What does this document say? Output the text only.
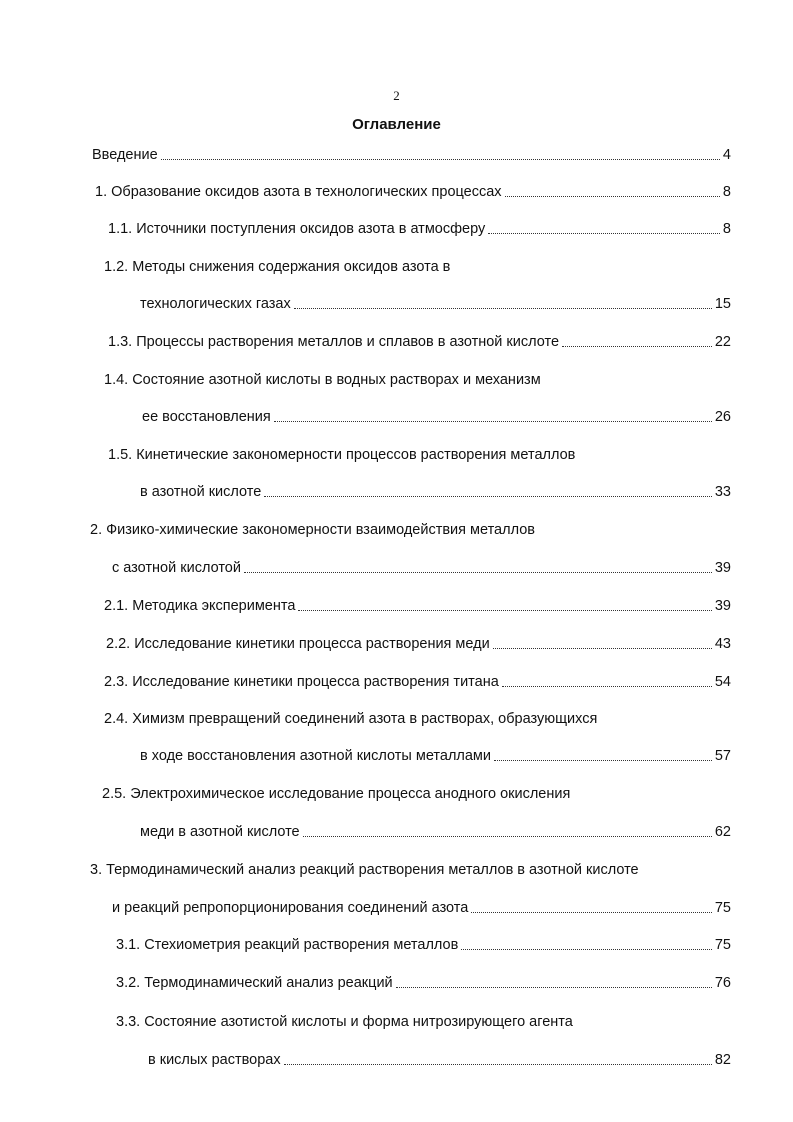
2
Оглавление
Введение	4
1. Образование оксидов азота в технологических процессах	8
1.1. Источники поступления оксидов азота в атмосферу	8
1.2. Методы снижения содержания оксидов азота в
технологических газах	15
1.3. Процессы растворения металлов и сплавов в азотной кислоте	22
1.4. Состояние азотной кислоты в водных растворах и механизм
ее восстановления	26
1.5. Кинетические закономерности процессов растворения металлов
в азотной кислоте	33
2. Физико-химические закономерности взаимодействия металлов
с азотной кислотой	39
2.1. Методика эксперимента	39
2.2. Исследование кинетики процесса растворения меди	43
2.3. Исследование кинетики процесса растворения титана	54
2.4. Химизм превращений соединений азота в растворах, образующихся
в ходе восстановления азотной кислоты металлами	57
2.5. Электрохимическое исследование процесса анодного окисления
меди в азотной кислоте	62
3. Термодинамический анализ реакций растворения металлов в азотной кислоте
и реакций репропорционирования соединений азота	75
3.1. Стехиометрия реакций растворения металлов	75
3.2. Термодинамический анализ реакций	76
3.3. Состояние азотистой кислоты и форма нитрозирующего агента
в кислых растворах	82
